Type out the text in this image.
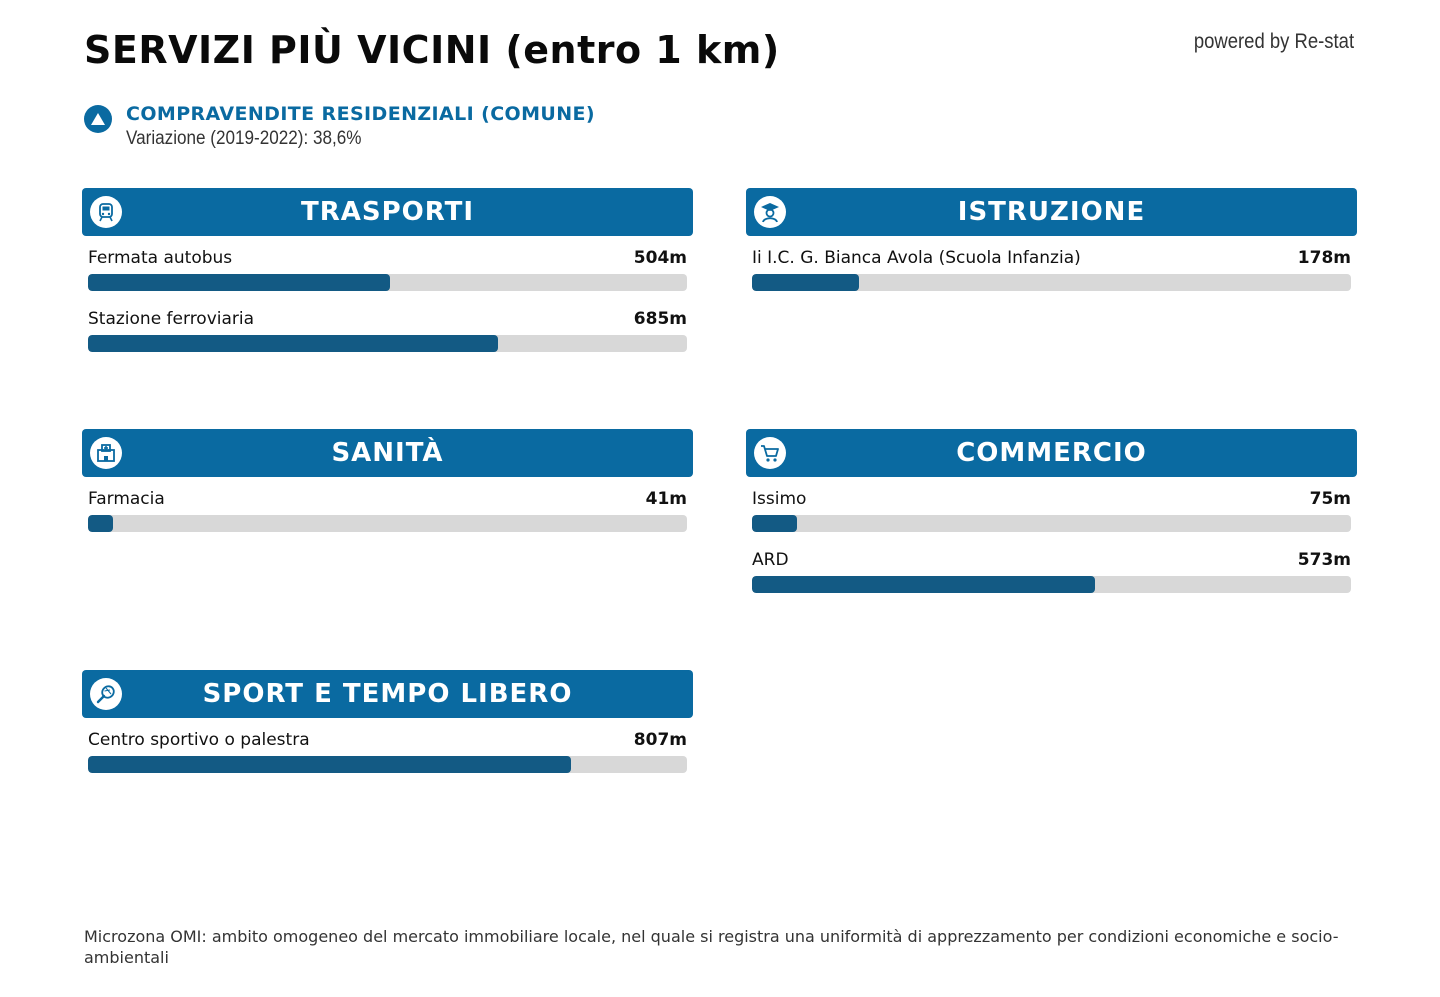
SERVIZI PIÙ VICINI (entro 1 km)	powered by Re-stat
COMPRAVENDITE RESIDENZIALI (COMUNE)
Variazione (2019-2022): 38,6%
TRASPORTI
Fermata autobus	504m
Stazione ferroviaria	685m
ISTRUZIONE
Ii I.C. G. Bianca Avola (Scuola Infanzia)	178m
SANITÀ
Farmacia	41m
COMMERCIO
Issimo	75m
ARD	573m
SPORT E TEMPO LIBERO
Centro sportivo o palestra	807m
Microzona OMI: ambito omogeneo del mercato immobiliare locale, nel quale si registra una uniformità di apprezzamento per condizioni economiche e socio-ambientali
